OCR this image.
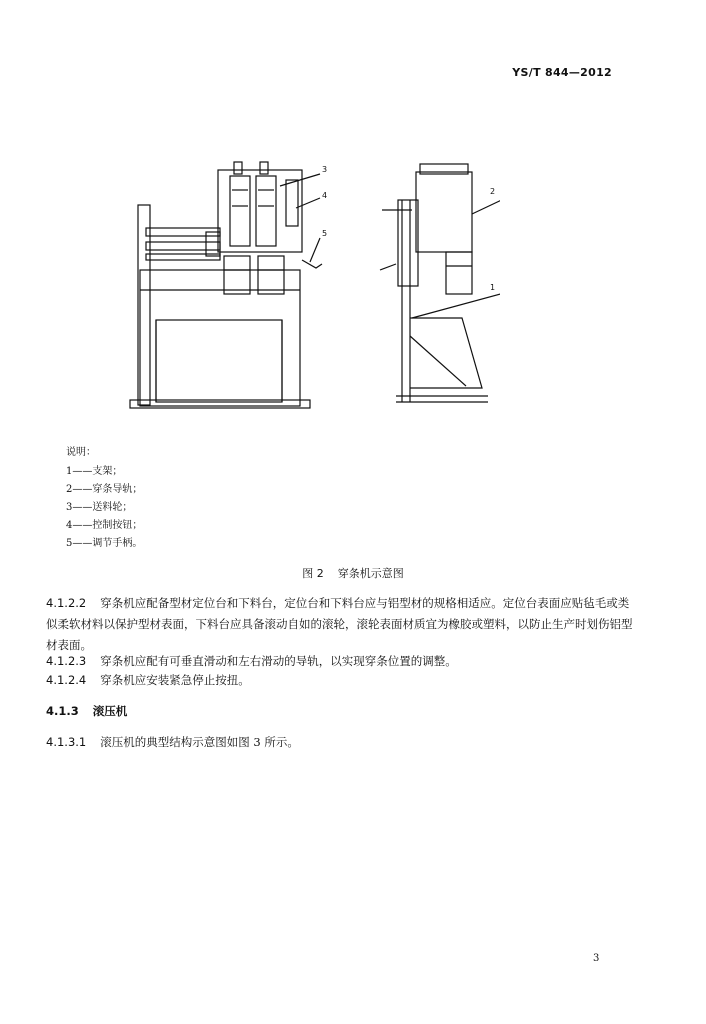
YS/T 844—2012
3
4
5
2
1
说明：
1——支架；
2——穿条导轨；
3——送料轮；
4——控制按钮；
5——调节手柄。
图 2 穿条机示意图
4.1.2.2 穿条机应配备型材定位台和下料台，定位台和下料台应与铝型材的规格相适应。定位台表面应贴毡毛或类似柔软材料以保护型材表面，下料台应具备滚动自如的滚轮，滚轮表面材质宜为橡胶或塑料，以防止生产时划伤铝型材表面。
4.1.2.3 穿条机应配有可垂直滑动和左右滑动的导轨，以实现穿条位置的调整。
4.1.2.4 穿条机应安装紧急停止按扭。
4.1.3 滚压机
4.1.3.1 滚压机的典型结构示意图如图 3 所示。
3
